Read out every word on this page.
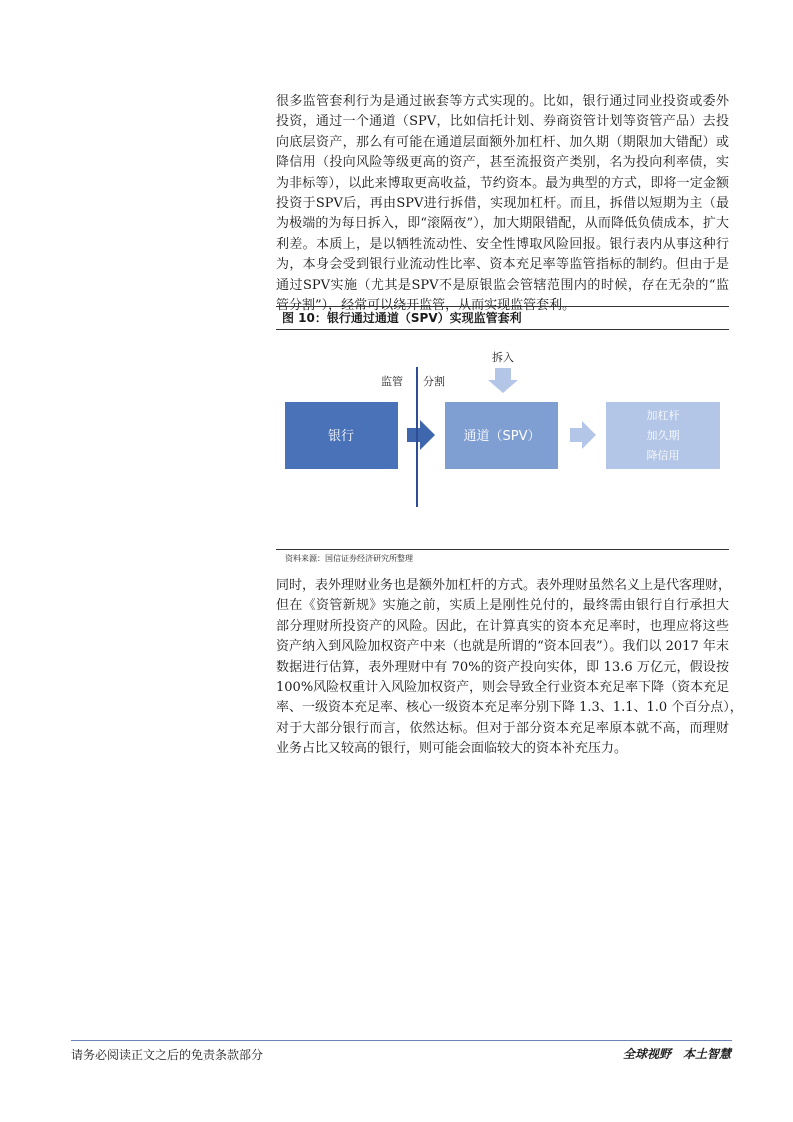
很多监管套利行为是通过嵌套等方式实现的。比如，银行通过同业投资或委外
投资，通过一个通道（SPV，比如信托计划、券商资管计划等资管产品）去投
向底层资产，那么有可能在通道层面额外加杠杆、加久期（期限加大错配）或
降信用（投向风险等级更高的资产，甚至流报资产类别，名为投向利率债，实
为非标等），以此来博取更高收益，节约资本。最为典型的方式，即将一定金额
投资于SPV后，再由SPV进行拆借，实现加杠杆。而且，拆借以短期为主（最
为极端的为每日拆入，即“滚隔夜”），加大期限错配，从而降低负债成本，扩大
利差。本质上，是以牺牲流动性、安全性博取风险回报。银行表内从事这种行
为，本身会受到银行业流动性比率、资本充足率等监管指标的制约。但由于是
通过SPV实施（尤其是SPV不是原银监会管辖范围内的时候，存在无杂的“监
管分割”），经常可以绕开监管，从而实现监管套利。
图 10：银行通过通道（SPV）实现监管套利
监管 分割
拆入
银行	通道（SPV）
加杠杆
加久期
降信用
资料来源：国信证券经济研究所整理
同时，表外理财业务也是额外加杠杆的方式。表外理财虽然名义上是代客理财，
但在《资管新规》实施之前，实质上是刚性兑付的，最终需由银行自行承担大
部分理财所投资产的风险。因此，在计算真实的资本充足率时，也理应将这些
资产纳入到风险加权资产中来（也就是所谓的“资本回表”）。我们以 2017 年末
数据进行估算，表外理财中有 70%的资产投向实体，即 13.6 万亿元，假设按
100%风险权重计入风险加权资产，则会导致全行业资本充足率下降（资本充足
率、一级资本充足率、核心一级资本充足率分别下降 1.3、1.1、1.0 个百分点），
对于大部分银行而言，依然达标。但对于部分资本充足率原本就不高，而理财
业务占比又较高的银行，则可能会面临较大的资本补充压力。
请务必阅读正文之后的免责条款部分	全球视野　本土智慧
